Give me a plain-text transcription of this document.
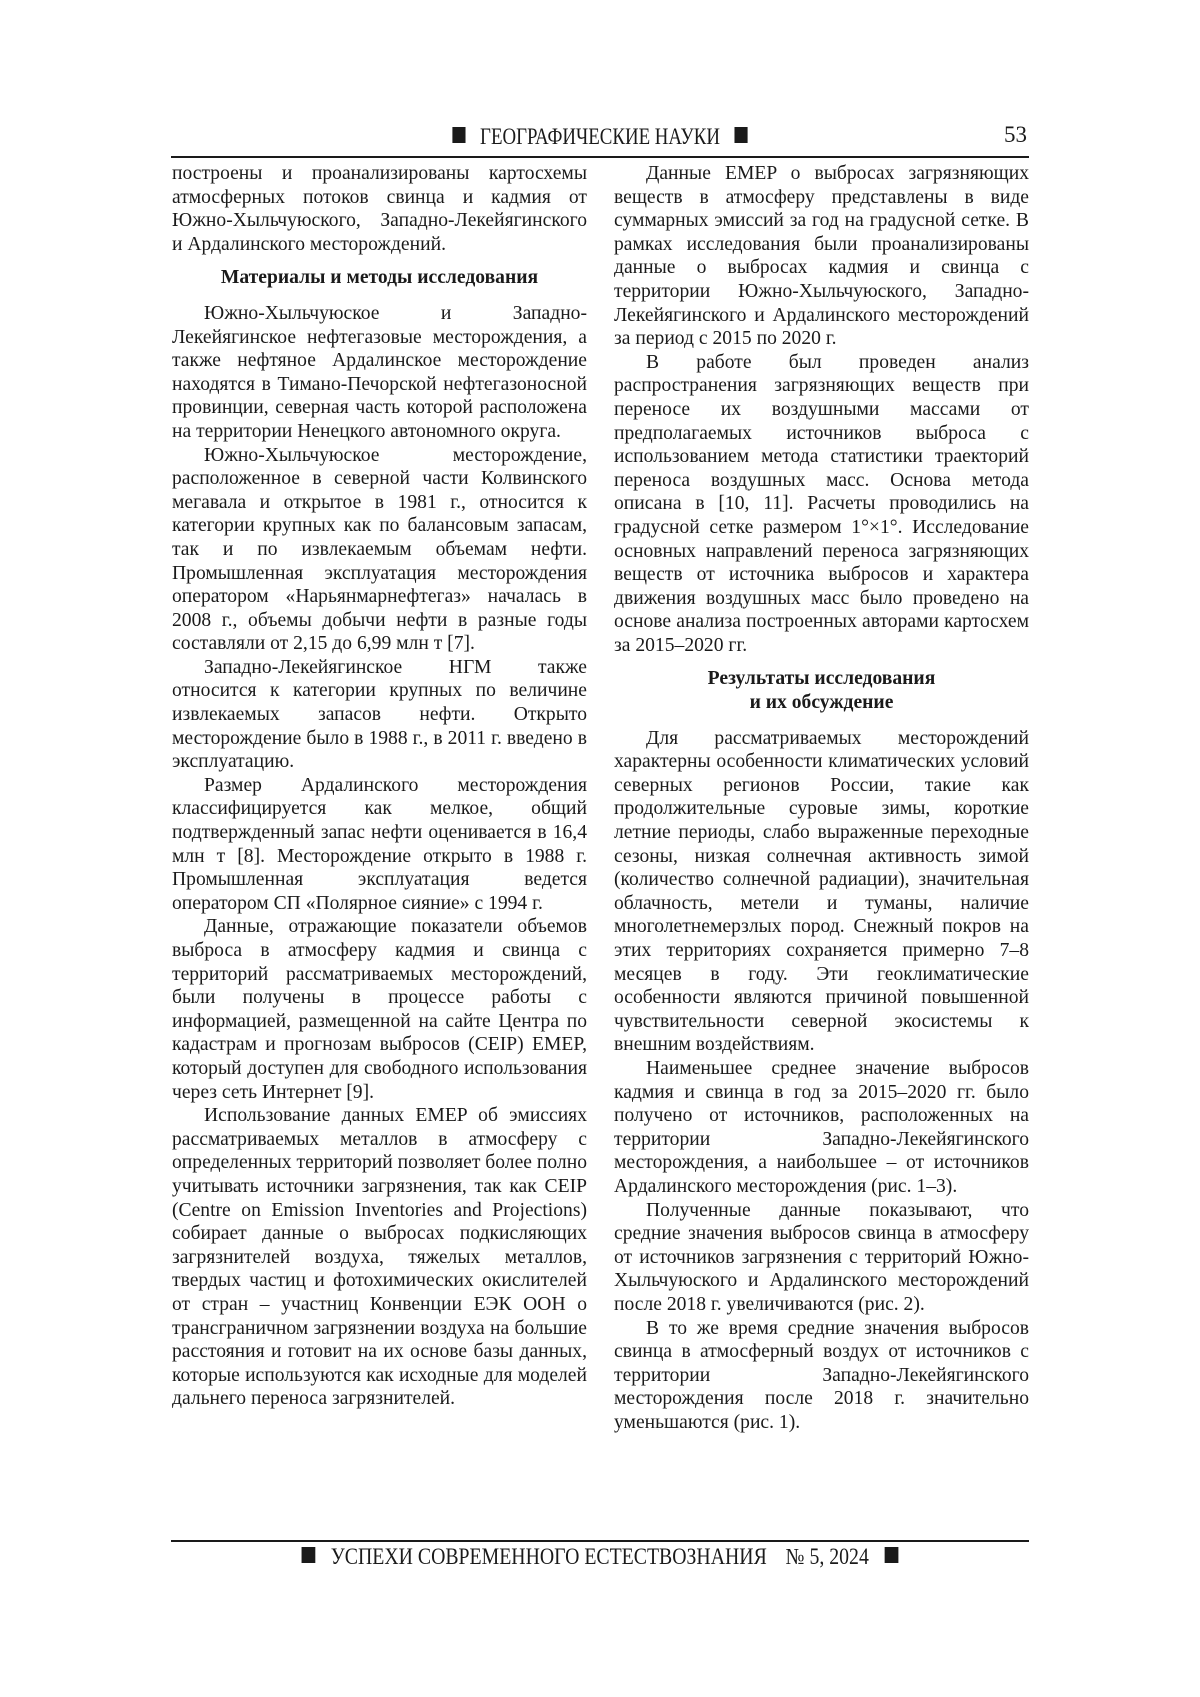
ГЕОГРАФИЧЕСКИЕ НАУКИ	53

построены и проанализированы картосхемы атмосферных потоков свинца и кадмия от Южно-Хыльчуюского, Западно-Лекейягинского и Ардалинского месторождений.

Материалы и методы исследования

Южно-Хыльчуюское и Западно-Лекейягинское нефтегазовые месторождения, а также нефтяное Ардалинское месторождение находятся в Тимано-Печорской нефтегазоносной провинции, северная часть которой расположена на территории Ненецкого автономного округа.

Южно-Хыльчуюское месторождение, расположенное в северной части Колвинского мегавала и открытое в 1981 г., относится к категории крупных как по балансовым запасам, так и по извлекаемым объемам нефти. Промышленная эксплуатация месторождения оператором «Нарьянмарнефтегаз» началась в 2008 г., объемы добычи нефти в разные годы составляли от 2,15 до 6,99 млн т [7].

Западно-Лекейягинское НГМ также относится к категории крупных по величине извлекаемых запасов нефти. Открыто месторождение было в 1988 г., в 2011 г. введено в эксплуатацию.

Размер Ардалинского месторождения классифицируется как мелкое, общий подтвержденный запас нефти оценивается в 16,4 млн т [8]. Месторождение открыто в 1988 г. Промышленная эксплуатация ведется оператором СП «Полярное сияние» с 1994 г.

Данные, отражающие показатели объемов выброса в атмосферу кадмия и свинца с территорий рассматриваемых месторождений, были получены в процессе работы с информацией, размещенной на сайте Центра по кадастрам и прогнозам выбросов (CEIP) EMEP, который доступен для свободного использования через сеть Интернет [9].

Использование данных EMEP об эмиссиях рассматриваемых металлов в атмосферу с определенных территорий позволяет более полно учитывать источники загрязнения, так как CEIP (Centre on Emission Inventories and Projections) собирает данные о выбросах подкисляющих загрязнителей воздуха, тяжелых металлов, твердых частиц и фотохимических окислителей от стран – участниц Конвенции ЕЭК ООН о трансграничном загрязнении воздуха на большие расстояния и готовит на их основе базы данных, которые используются как исходные для моделей дальнего переноса загрязнителей.

Данные EMEP о выбросах загрязняющих веществ в атмосферу представлены в виде суммарных эмиссий за год на градусной сетке. В рамках исследования были проанализированы данные о выбросах кадмия и свинца с территории Южно-Хыльчуюского, Западно-Лекейягинского и Ардалинского месторождений за период с 2015 по 2020 г.

В работе был проведен анализ распространения загрязняющих веществ при переносе их воздушными массами от предполагаемых источников выброса с использованием метода статистики траекторий переноса воздушных масс. Основа метода описана в [10, 11]. Расчеты проводились на градусной сетке размером 1°×1°. Исследование основных направлений переноса загрязняющих веществ от источника выбросов и характера движения воздушных масс было проведено на основе анализа построенных авторами картосхем за 2015–2020 гг.

Результаты исследования
и их обсуждение

Для рассматриваемых месторождений характерны особенности климатических условий северных регионов России, такие как продолжительные суровые зимы, короткие летние периоды, слабо выраженные переходные сезоны, низкая солнечная активность зимой (количество солнечной радиации), значительная облачность, метели и туманы, наличие многолетнемерзлых пород. Снежный покров на этих территориях сохраняется примерно 7–8 месяцев в году. Эти геоклиматические особенности являются причиной повышенной чувствительности северной экосистемы к внешним воздействиям.

Наименьшее среднее значение выбросов кадмия и свинца в год за 2015–2020 гг. было получено от источников, расположенных на территории Западно-Лекейягинского месторождения, а наибольшее – от источников Ардалинского месторождения (рис. 1–3).

Полученные данные показывают, что средние значения выбросов свинца в атмосферу от источников загрязнения с территорий Южно-Хыльчуюского и Ардалинского месторождений после 2018 г. увеличиваются (рис. 2).

В то же время средние значения выбросов свинца в атмосферный воздух от источников с территории Западно-Лекейягинского месторождения после 2018 г. значительно уменьшаются (рис. 1).

УСПЕХИ СОВРЕМЕННОГО ЕСТЕСТВОЗНАНИЯ № 5, 2024
